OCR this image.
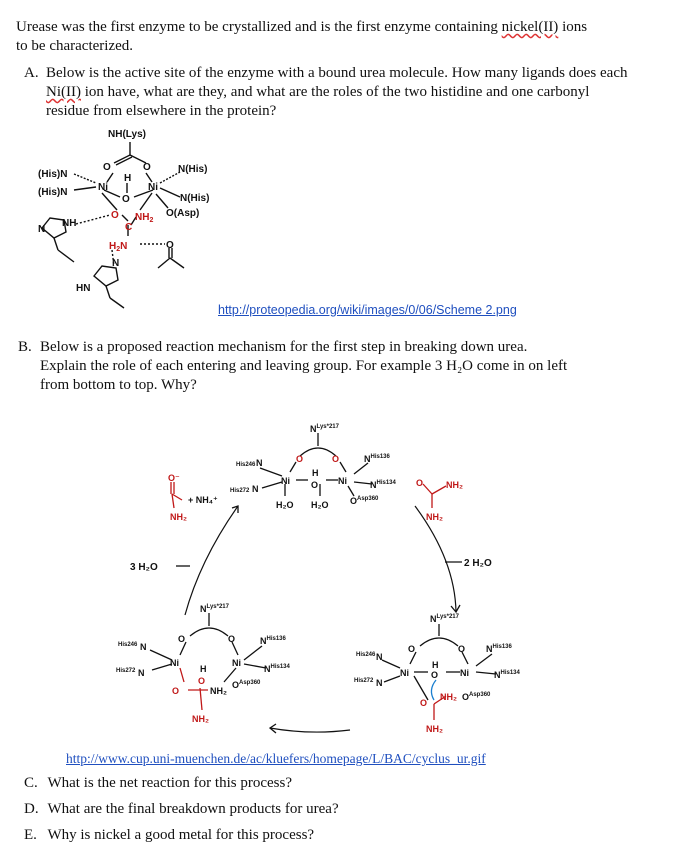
Urease was the first enzyme to be crystallized and is the first enzyme containing nickel(II) ions
to be characterized.
A. Below is the active site of the enzyme with a bound urea molecule. How many ligands does each Ni(II) ion have, what are they, and what are the roles of the two histidine and one carbonyl residue from elsewhere in the protein?
NH(Lys)
O	O
(His)N
(His)N	Ni	Ni
H
O
N(His)
N(His)
O(Asp)
O
C
$NH_2$
$H_2N$	O
N
NH
N
HN
http://proteopedia.org/wiki/images/0/06/Scheme 2.png
B. Below is a proposed reaction mechanism for the first step in breaking down urea.
Explain the role of each entering and leaving group. For example 3 H₂O come in on left
from bottom to top. Why?
$N^{Lys*217}$
O	O
His246 N
His272 N
Ni
H
O Ni
$N^{His136}$
$N^{His134}$
H₂O H₂O $O^{Asp360}$
O⁻
+ NH₄⁺
NH₂
O	NH₂
NH₂
3 H₂O	2 H₂O
$N^{Lys*217}$
O	O
His246 N
His272 N
Ni
H
O
Ni
O	NH₂
$O^{Asp360}$
$N^{His136}$
$N^{His134}$
NH₂
$N^{Lys*217}$
O	O
His246 N
His272 N
Ni
H
O Ni
$N^{His136}$
$N^{His134}$
O
NH₂ $O^{Asp360}$
NH₂
http://www.cup.uni-muenchen.de/ac/kluefers/homepage/L/BAC/cyclus_ur.gif
C. What is the net reaction for this process?
D. What are the final breakdown products for urea?
E. Why is nickel a good metal for this process?
